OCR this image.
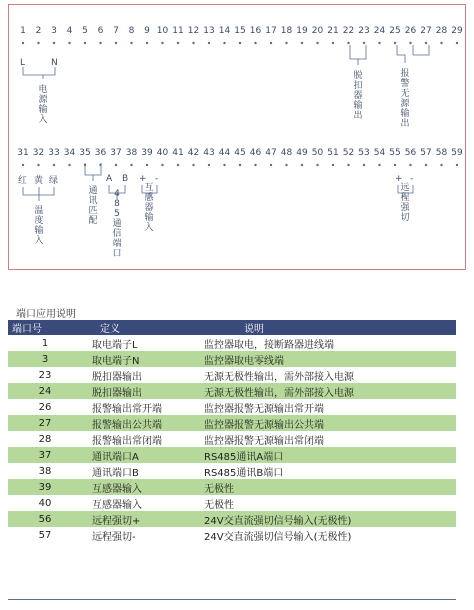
1 2 3 4 5 6 7 8 9 10 11 12 13 14 15 16 17 18 19 20 21 22 23 24 25 26 27 28 29
31 32 33 34 35 36 37 38 39 40 41 42 43 44 45 46 47 48 49 50 51 52 53 54 55 56 57 58 59
L	N
红 黄 绿	A B + -	+ -
电源输入
脱扣器输出
报警无源输出
温度输入
通讯匹配
4 8 5 通信端口
互感器输入
远程强切
端口应用说明
端口号	定义	说明
1	取电端子L	监控器取电，接断路器进线端
3	取电端子N	监控器取电零线端
23	脱扣器输出	无源无极性输出，需外部接入电源
24	脱扣器输出	无源无极性输出，需外部接入电源
26	报警输出常开端	监控器报警无源输出常开端
27	报警输出公共端	监控器报警无源输出公共端
28	报警输出常闭端	监控器报警无源输出常闭端
37	通讯端口A	RS485通讯A端口
38	通讯端口B	RS485通讯B端口
39	互感器输入	无极性
40	互感器输入	无极性
56	远程强切+	24V交直流强切信号输入(无极性)
57	远程强切-	24V交直流强切信号输入(无极性)
